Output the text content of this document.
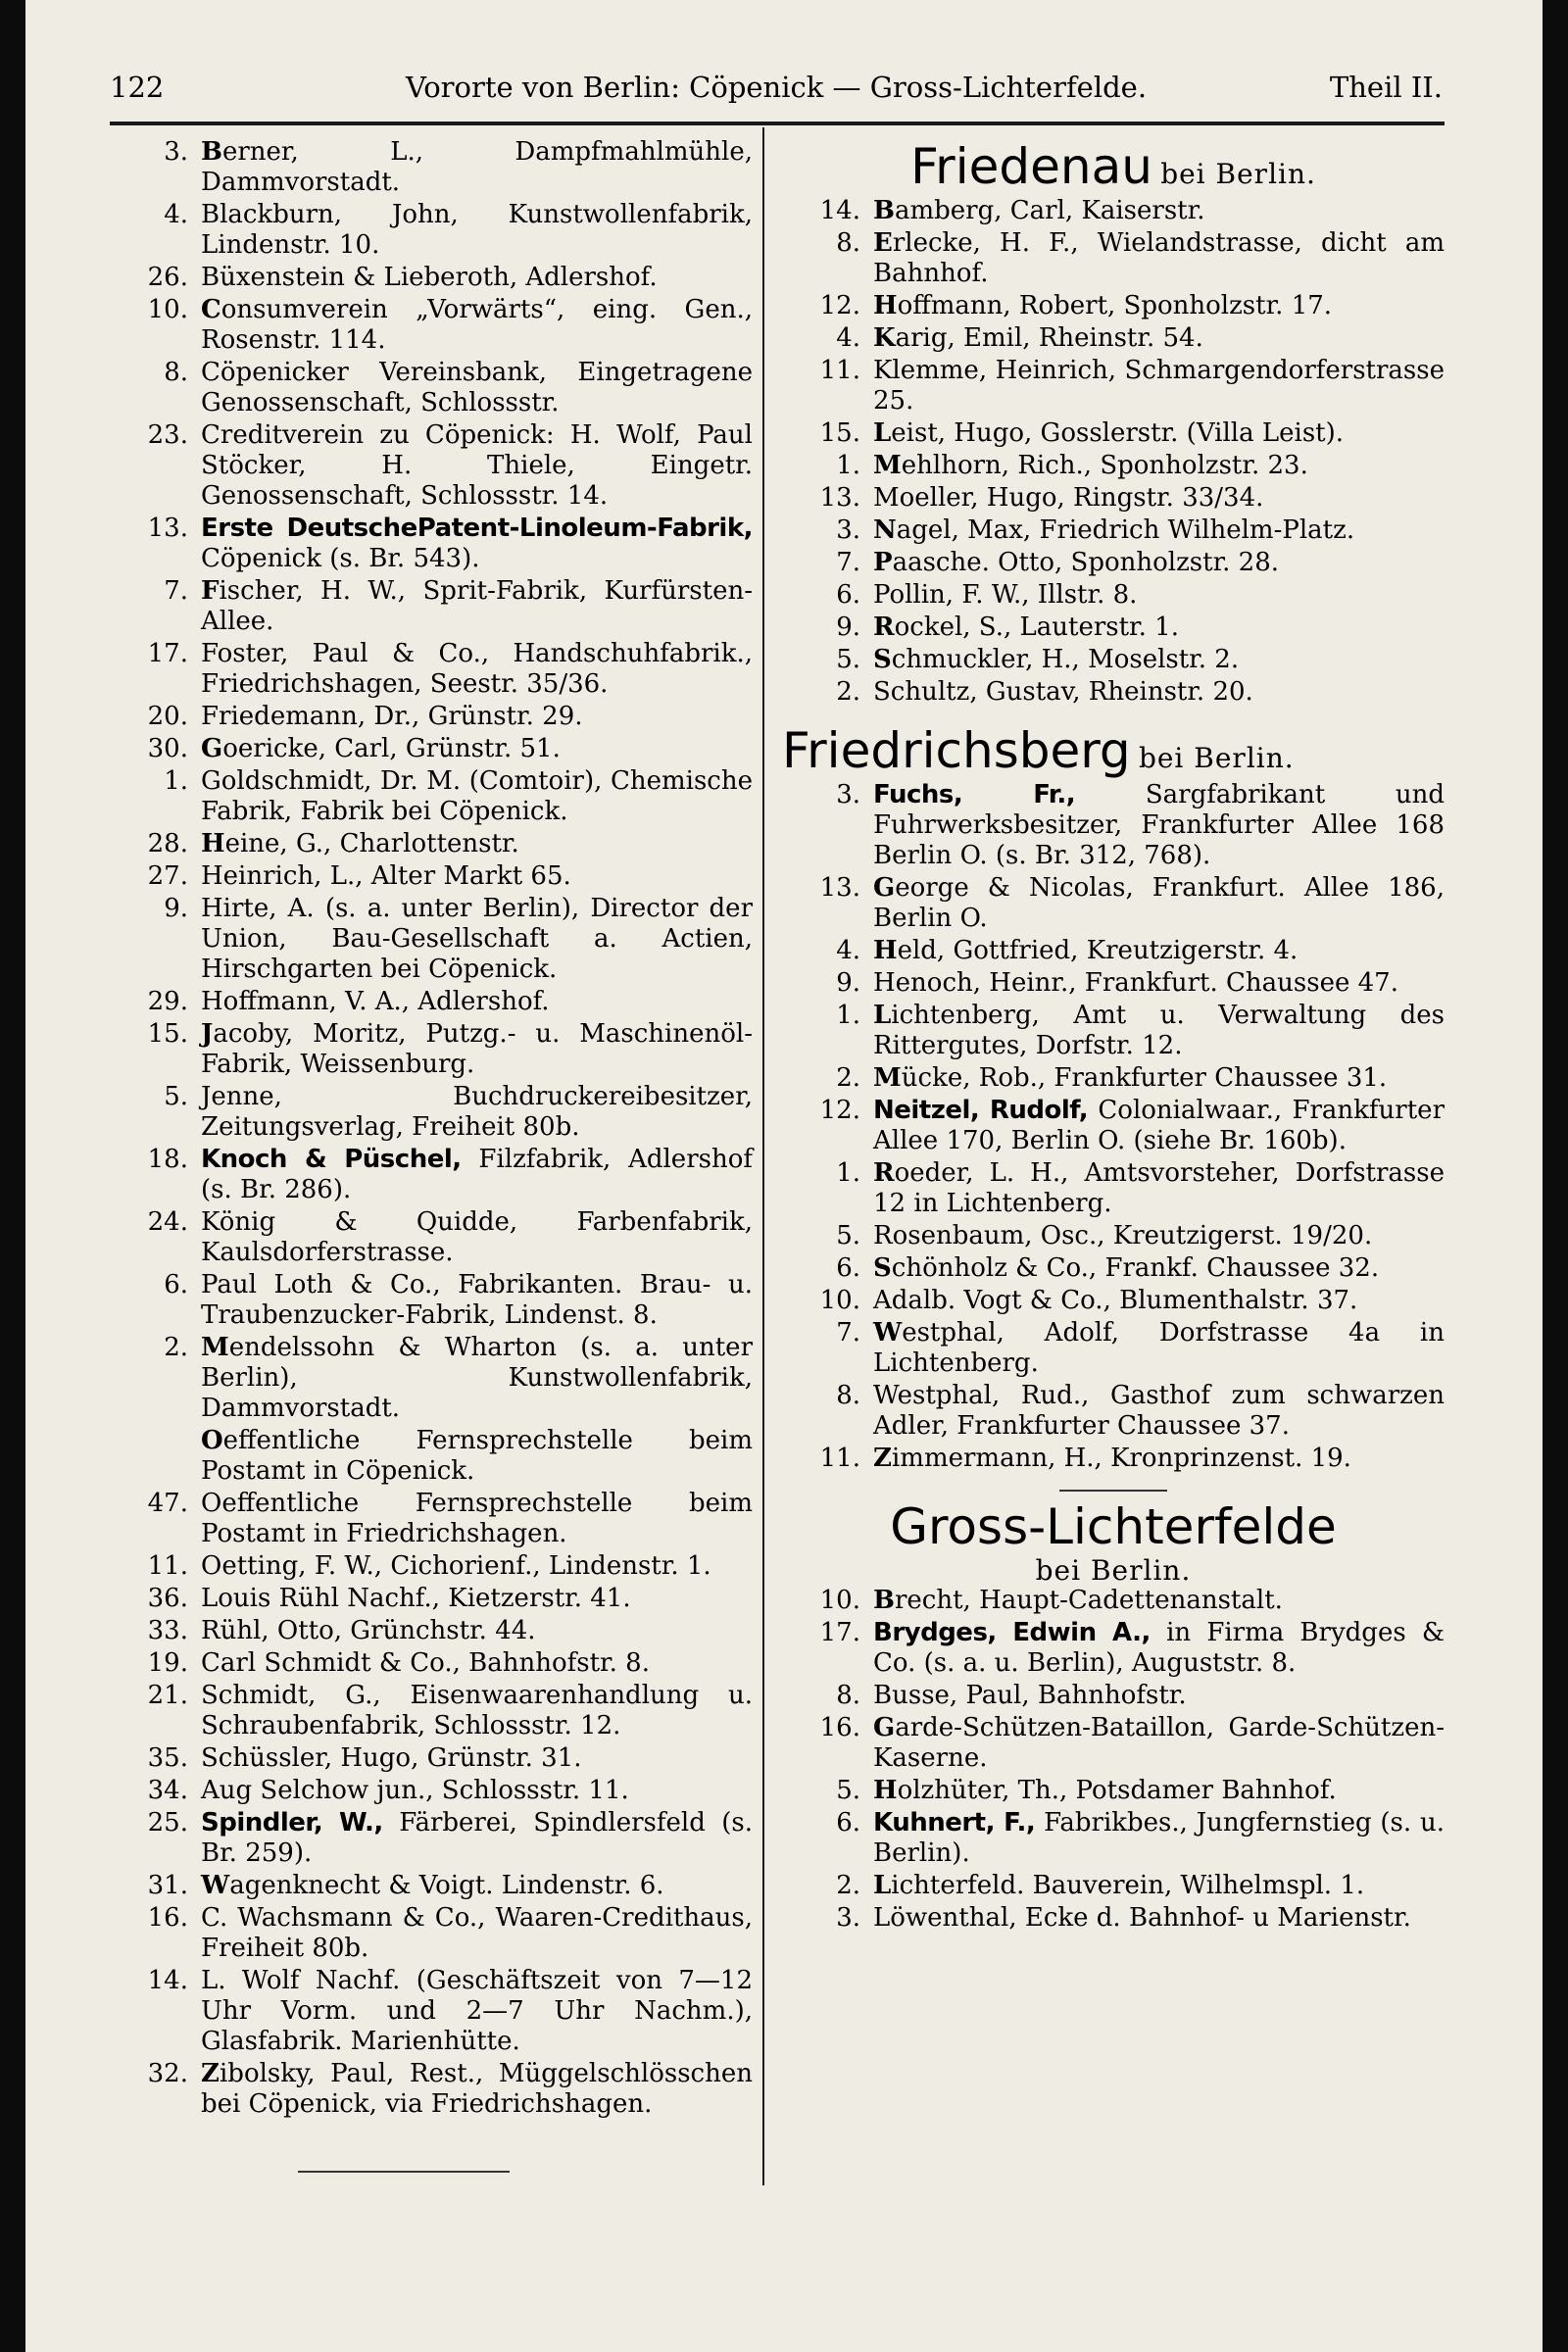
122	Vororte von Berlin: Cöpenick — Gross-Lichterfelde.	Theil II.
3. Berner, L., Dampfmahlmühle, Dammvorstadt.
4. Blackburn, John, Kunstwollenfabrik, Lindenstr. 10.
26. Büxenstein & Lieberoth, Adlershof.
10. Consumverein „Vorwärts“, eing. Gen., Rosenstr. 114.
8. Cöpenicker Vereinsbank, Eingetragene Genossenschaft, Schlossstr.
23. Creditverein zu Cöpenick: H. Wolf, Paul Stöcker, H. Thiele, Eingetr. Genossenschaft, Schlossstr. 14.
13. Erste DeutschePatent-Linoleum-Fabrik, Cöpenick (s. Br. 543).
7. Fischer, H. W., Sprit-Fabrik, Kurfürsten-Allee.
17. Foster, Paul & Co., Handschuhfabrik., Friedrichshagen, Seestr. 35/36.
20. Friedemann, Dr., Grünstr. 29.
30. Goericke, Carl, Grünstr. 51.
1. Goldschmidt, Dr. M. (Comtoir), Chemische Fabrik, Fabrik bei Cöpenick.
28. Heine, G., Charlottenstr.
27. Heinrich, L., Alter Markt 65.
9. Hirte, A. (s. a. unter Berlin), Director der Union, Bau-Gesellschaft a. Actien, Hirschgarten bei Cöpenick.
29. Hoffmann, V. A., Adlershof.
15. Jacoby, Moritz, Putzg.- u. Maschinenöl-Fabrik, Weissenburg.
5. Jenne, Buchdruckereibesitzer, Zeitungsverlag, Freiheit 80b.
18. Knoch & Püschel, Filzfabrik, Adlershof (s. Br. 286).
24. König & Quidde, Farbenfabrik, Kaulsdorferstrasse.
6. Paul Loth & Co., Fabrikanten. Brau- u. Traubenzucker-Fabrik, Lindenst. 8.
2. Mendelssohn & Wharton (s. a. unter Berlin), Kunstwollenfabrik, Dammvorstadt.
Oeffentliche Fernsprechstelle beim Postamt in Cöpenick.
47. Oeffentliche Fernsprechstelle beim Postamt in Friedrichshagen.
11. Oetting, F. W., Cichorienf., Lindenstr. 1.
36. Louis Rühl Nachf., Kietzerstr. 41.
33. Rühl, Otto, Grünchstr. 44.
19. Carl Schmidt & Co., Bahnhofstr. 8.
21. Schmidt, G., Eisenwaarenhandlung u. Schraubenfabrik, Schlossstr. 12.
35. Schüssler, Hugo, Grünstr. 31.
34. Aug Selchow jun., Schlossstr. 11.
25. Spindler, W., Färberei, Spindlersfeld (s. Br. 259).
31. Wagenknecht & Voigt. Lindenstr. 6.
16. C. Wachsmann & Co., Waaren-Credithaus, Freiheit 80b.
14. L. Wolf Nachf. (Geschäftszeit von 7—12 Uhr Vorm. und 2—7 Uhr Nachm.), Glasfabrik. Marienhütte.
32. Zibolsky, Paul, Rest., Müggelschlösschen bei Cöpenick, via Friedrichshagen.
Friedenau bei Berlin.
14. Bamberg, Carl, Kaiserstr.
8. Erlecke, H. F., Wielandstrasse, dicht am Bahnhof.
12. Hoffmann, Robert, Sponholzstr. 17.
4. Karig, Emil, Rheinstr. 54.
11. Klemme, Heinrich, Schmargendorferstrasse 25.
15. Leist, Hugo, Gosslerstr. (Villa Leist).
1. Mehlhorn, Rich., Sponholzstr. 23.
13. Moeller, Hugo, Ringstr. 33/34.
3. Nagel, Max, Friedrich Wilhelm-Platz.
7. Paasche. Otto, Sponholzstr. 28.
6. Pollin, F. W., Illstr. 8.
9. Rockel, S., Lauterstr. 1.
5. Schmuckler, H., Moselstr. 2.
2. Schultz, Gustav, Rheinstr. 20.
Friedrichsberg bei Berlin.
3. Fuchs, Fr., Sargfabrikant und Fuhrwerksbesitzer, Frankfurter Allee 168 Berlin O. (s. Br. 312, 768).
13. George & Nicolas, Frankfurt. Allee 186, Berlin O.
4. Held, Gottfried, Kreutzigerstr. 4.
9. Henoch, Heinr., Frankfurt. Chaussee 47.
1. Lichtenberg, Amt u. Verwaltung des Rittergutes, Dorfstr. 12.
2. Mücke, Rob., Frankfurter Chaussee 31.
12. Neitzel, Rudolf, Colonialwaar., Frankfurter Allee 170, Berlin O. (siehe Br. 160b).
1. Roeder, L. H., Amtsvorsteher, Dorfstrasse 12 in Lichtenberg.
5. Rosenbaum, Osc., Kreutzigerst. 19/20.
6. Schönholz & Co., Frankf. Chaussee 32.
10. Adalb. Vogt & Co., Blumenthalstr. 37.
7. Westphal, Adolf, Dorfstrasse 4a in Lichtenberg.
8. Westphal, Rud., Gasthof zum schwarzen Adler, Frankfurter Chaussee 37.
11. Zimmermann, H., Kronprinzenst. 19.
Gross-Lichterfelde
bei Berlin.
10. Brecht, Haupt-Cadettenanstalt.
17. Brydges, Edwin A., in Firma Brydges & Co. (s. a. u. Berlin), Auguststr. 8.
8. Busse, Paul, Bahnhofstr.
16. Garde-Schützen-Bataillon, Garde-Schützen-Kaserne.
5. Holzhüter, Th., Potsdamer Bahnhof.
6. Kuhnert, F., Fabrikbes., Jungfernstieg (s. u. Berlin).
2. Lichterfeld. Bauverein, Wilhelmspl. 1.
3. Löwenthal, Ecke d. Bahnhof- u Marienstr.
